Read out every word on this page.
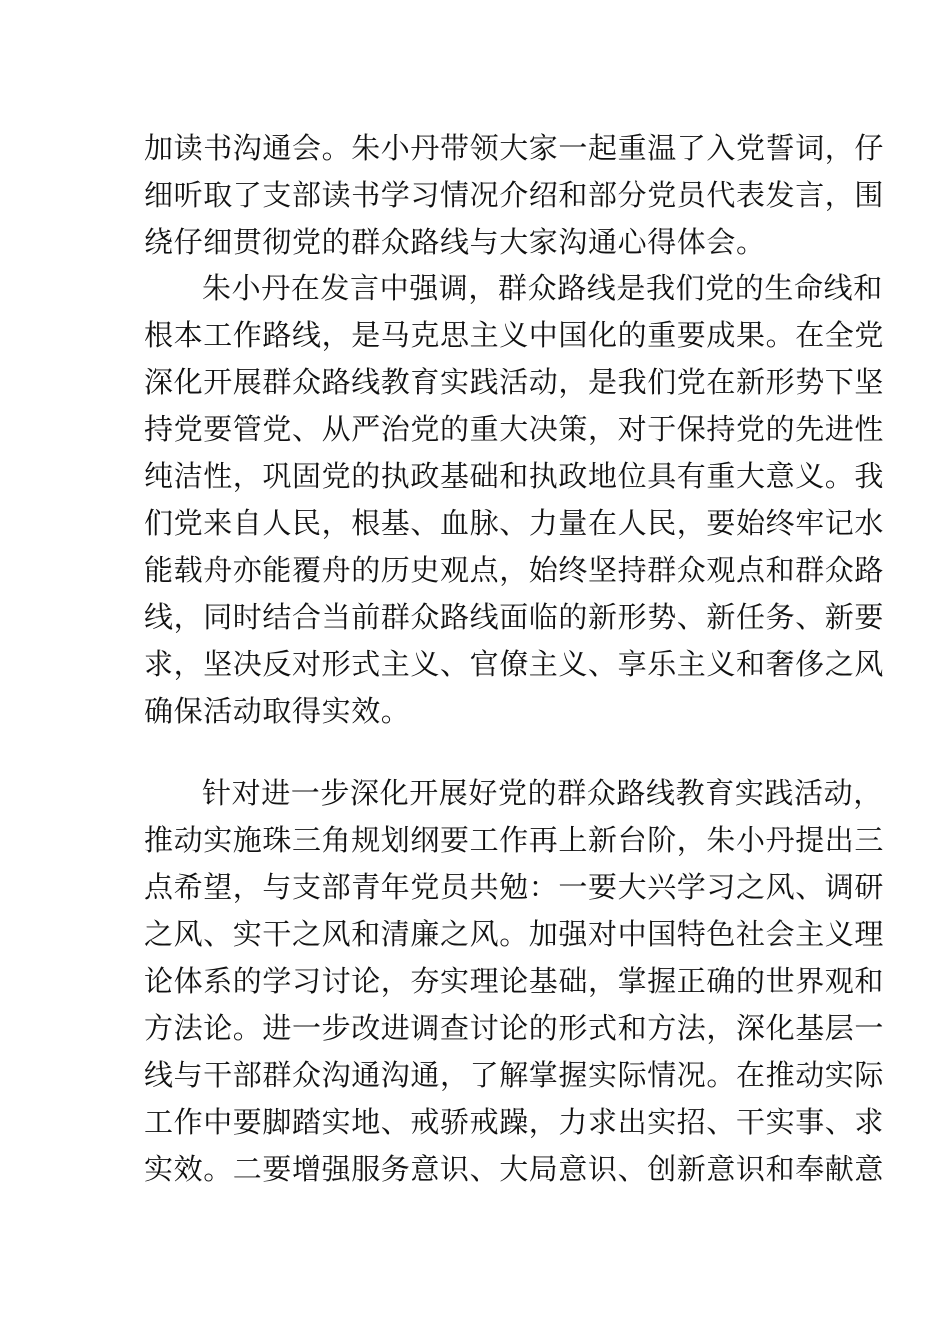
加读书沟通会。朱小丹带领大家一起重温了入党誓词，仔
细听取了支部读书学习情况介绍和部分党员代表发言，围
绕仔细贯彻党的群众路线与大家沟通心得体会。
朱小丹在发言中强调，群众路线是我们党的生命线和
根本工作路线，是马克思主义中国化的重要成果。在全党
深化开展群众路线教育实践活动，是我们党在新形势下坚
持党要管党、从严治党的重大决策，对于保持党的先进性
纯洁性，巩固党的执政基础和执政地位具有重大意义。我
们党来自人民，根基、血脉、力量在人民，要始终牢记水
能载舟亦能覆舟的历史观点，始终坚持群众观点和群众路
线，同时结合当前群众路线面临的新形势、新任务、新要
求，坚决反对形式主义、官僚主义、享乐主义和奢侈之风
确保活动取得实效。
针对进一步深化开展好党的群众路线教育实践活动，
推动实施珠三角规划纲要工作再上新台阶，朱小丹提出三
点希望，与支部青年党员共勉：一要大兴学习之风、调研
之风、实干之风和清廉之风。加强对中国特色社会主义理
论体系的学习讨论，夯实理论基础，掌握正确的世界观和
方法论。进一步改进调查讨论的形式和方法，深化基层一
线与干部群众沟通沟通，了解掌握实际情况。在推动实际
工作中要脚踏实地、戒骄戒躁，力求出实招、干实事、求
实效。二要增强服务意识、大局意识、创新意识和奉献意
